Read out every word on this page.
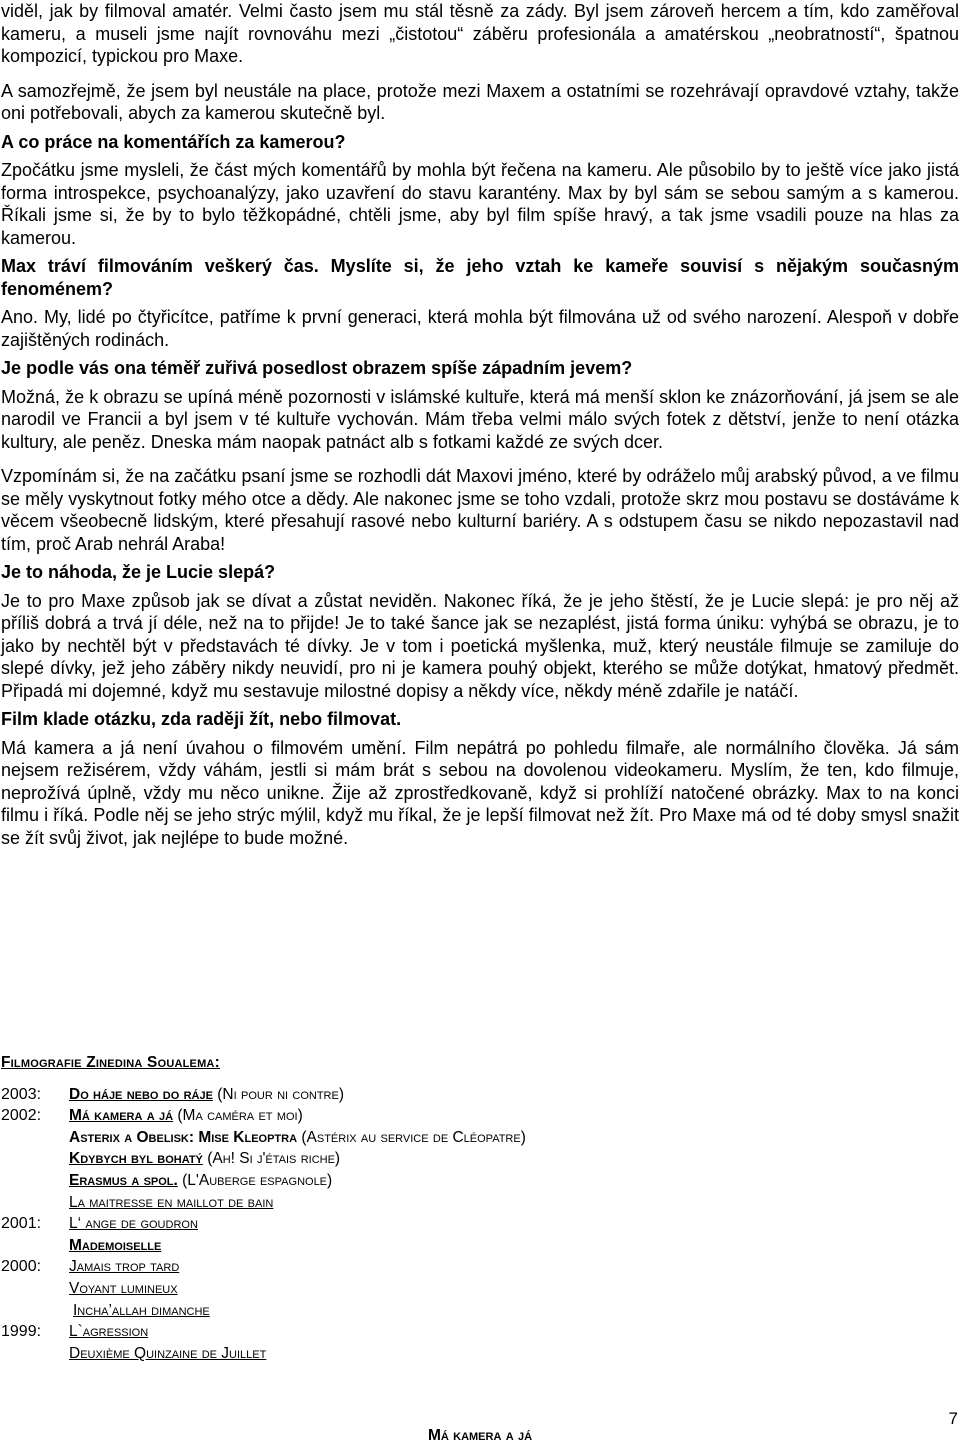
viděl, jak by filmoval amatér. Velmi často jsem mu stál těsně za zády. Byl jsem zároveň hercem a tím, kdo zaměřoval kameru, a museli jsme najít rovnováhu mezi „čistotou“ záběru profesionála a amatérskou „neobratností“, špatnou kompozicí, typickou pro Maxe.

A samozřejmě, že jsem byl neustále na place, protože mezi Maxem a ostatními se rozehrávají opravdové vztahy, takže oni potřebovali, abych za kamerou skutečně byl.

A co práce na komentářích za kamerou?

Zpočátku jsme mysleli, že část mých komentářů by mohla být řečena na kameru. Ale působilo by to ještě více jako jistá forma introspekce, psychoanalýzy, jako uzavření do stavu karantény. Max by byl sám se sebou samým a s kamerou. Říkali jsme si, že by to bylo těžkopádné, chtěli jsme, aby byl film spíše hravý, a tak jsme vsadili pouze na hlas za kamerou.

Max tráví filmováním veškerý čas. Myslíte si, že jeho vztah ke kameře souvisí s nějakým současným fenoménem?

Ano. My, lidé po čtyřicítce, patříme k první generaci, která mohla být filmována už od svého narození. Alespoň v dobře zajištěných rodinách.

Je podle vás ona téměř zuřivá posedlost obrazem spíše západním jevem?

Možná, že k obrazu se upíná méně pozornosti v islámské kultuře, která má menší sklon ke znázorňování, já jsem se ale narodil ve Francii a byl jsem v té kultuře vychován. Mám třeba velmi málo svých fotek z dětství, jenže to není otázka kultury, ale peněz. Dneska mám naopak patnáct alb s fotkami každé ze svých dcer.

Vzpomínám si, že na začátku psaní jsme se rozhodli dát Maxovi jméno, které by odráželo můj arabský původ, a ve filmu se měly vyskytnout fotky mého otce a dědy. Ale nakonec jsme se toho vzdali, protože skrz mou postavu se dostáváme k věcem všeobecně lidským, které přesahují rasové nebo kulturní bariéry. A s odstupem času se nikdo nepozastavil nad tím, proč Arab nehrál Araba!

Je to náhoda, že je Lucie slepá?

Je to pro Maxe způsob jak se dívat a zůstat neviděn. Nakonec říká, že je jeho štěstí, že je Lucie slepá: je pro něj až příliš dobrá a trvá jí déle, než na to přijde! Je to také šance jak se nezaplést, jistá forma úniku: vyhýbá se obrazu, je to jako by nechtěl být v představách té dívky. Je v tom i poetická myšlenka, muž, který neustále filmuje se zamiluje do slepé dívky, jež jeho záběry nikdy neuvidí, pro ni je kamera pouhý objekt, kterého se může dotýkat, hmatový předmět. Připadá mi dojemné, když mu sestavuje milostné dopisy a někdy více, někdy méně zdařile je natáčí.

Film klade otázku, zda raději žít, nebo filmovat.

Má kamera a já není úvahou o filmovém umění. Film nepátrá po pohledu filmaře, ale normálního člověka. Já sám nejsem režisérem, vždy váhám, jestli si mám brát s sebou na dovolenou videokameru. Myslím, že ten, kdo filmuje, neprožívá úplně, vždy mu něco unikne. Žije až zprostředkovaně, když si prohlíží natočené obrázky. Max to na konci filmu i říká. Podle něj se jeho strýc mýlil, když mu říkal, že je lepší filmovat než žít. Pro Maxe má od té doby smysl snažit se žít svůj život, jak nejlépe to bude možné.

Filmografie Zinedina Soualema:
2003:	Do háje nebo do ráje (Ni pour ni contre)
2002:	Má kamera a já (Ma caméra et moi)
Asterix a Obelisk: Mise Kleoptra (Astérix au service de Cléopatre)
Kdybych byl bohatý (Ah! Si j'étais riche)
Erasmus a spol. (L'Auberge espagnole)
La maitresse en maillot de bain
2001:	L‘ ange de goudron
Mademoiselle
2000:	Jamais trop tard
Voyant lumineux
Incha’allah dimanche
1999:	L`agression
Deuxième Quinzaine de Juillet
7
Má kamera a já
